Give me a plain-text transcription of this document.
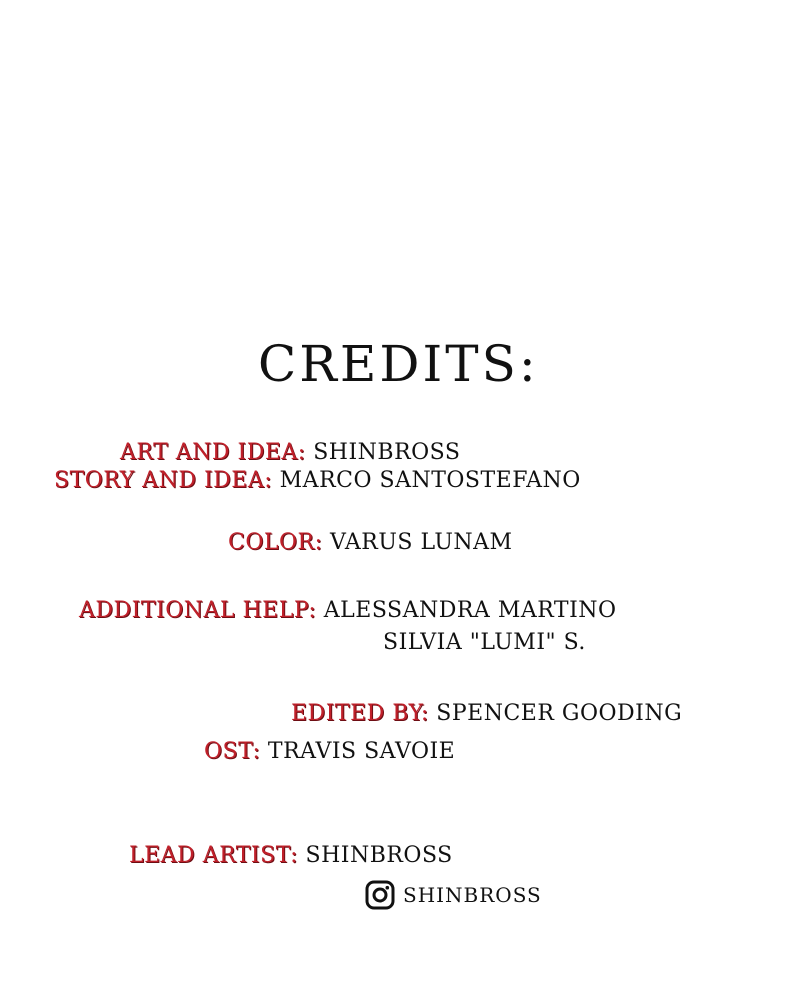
CREDITS:
ART AND IDEA: SHINBROSS
STORY AND IDEA: MARCO SANTOSTEFANO
COLOR: VARUS LUNAM
ADDITIONAL HELP: ALESSANDRA MARTINO
SILVIA "LUMI" S.
EDITED BY: SPENCER GOODING
OST: TRAVIS SAVOIE
LEAD ARTIST: SHINBROSS
SHINBROSS
